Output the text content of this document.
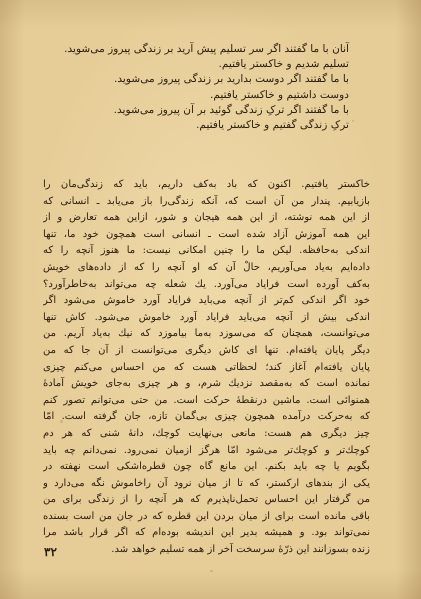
آنان با ما گفتند اگر سر تسلیم پیش آرید بر زندگی پیروز می‌شوید.
تسلیم شدیم و خاکستر یافتیم.
با ما گفتند اگر دوست بدارید بر زندگی پیروز می‌شوید.
دوست داشتیم و خاکستر یافتیم.
با ما گفتند اگر ترکِ زندگی گوئید بر آن پیروز می‌شوید.
ترکِ زندگی گفتیم و خاکستر یافتیم.
خاکستر یافتیم. اکنون که باد به‌کف داریم، باید که زندگی‌مان را
بازیابیم. پندار من آن است که، آنکه زندگی‌را باز می‌یابد ـ انسانی که
از این همه نوشته، از این همه هیجان و شور، ازاین همه تعارض و از
این همه آموزش آزاد شده است ـ انسانی است همچون خود ما، تنها
اندکی به‌حافظه. لیکن ما را چنین امکانی نیست: ما هنوز آنچه را که
داده‌ایم به‌یاد می‌آوریم، حالْ آن که او آنچه را که از داده‌های خویش
به‌کف آورده است فرایاد می‌آورد. یك شعله چه می‌تواند به‌خاطرآورد؟
خود اگر اندکی کم‌تر از آنچه می‌باید فرایاد آورد خاموش می‌شود اگر
اندکی بیش از آنچه می‌باید فرایاد آورد خاموش می‌شود. کاش تنها
می‌توانست، همچنان که می‌سوزد به‌ما بیاموزد که نیك به‌یاد آریم. من
دیگر پایان یافته‌ام. تنها ای کاش دیگری می‌توانست از آن جا که من
پایان یافته‌ام آغاز کند؛ لحظاتی هست که من احساس می‌کنم چیزی
نمانده است که به‌مقصد نزدیك شرم، و هر چیزی به‌جای خویش آمادهٔ
همنوائی است. ماشین درنقطهٔ حرکت است. من حتی می‌توانم تصور کنم
که به‌حرکت درآمده همچون چیزی بی‌گمان تازه، جان گرفته است. امّا
چیز دیگری هم هست: مانعی بی‌نهایت کوچك، دانهٔ شنی که هر دم
کوچك‌تر و کوچك‌تر می‌شود امّا هرگز ازمیان نمی‌رود. نمی‌دانم چه باید
بگویم یا چه باید بکنم. این مانع گاه چون قطره‌اشکی است نهفته در
یکی از بندهای ارکستر، که تا از میان نرود آن راخاموش نگه می‌دارد و
من گرفتار این احساس تحمل‌ناپذیرم که هر آنچه را از زندگی برای من
باقی مانده است برای از میان بردن این قطره که در جان من است بسنده
نمی‌تواند بود. و همیشه بدیر این اندیشه بوده‌ام که اگر قرار باشد مرا
زنده بسوزانند این ذرّهٔ سرسخت آخر از همه تسلیم خواهد شد.
۳۲
